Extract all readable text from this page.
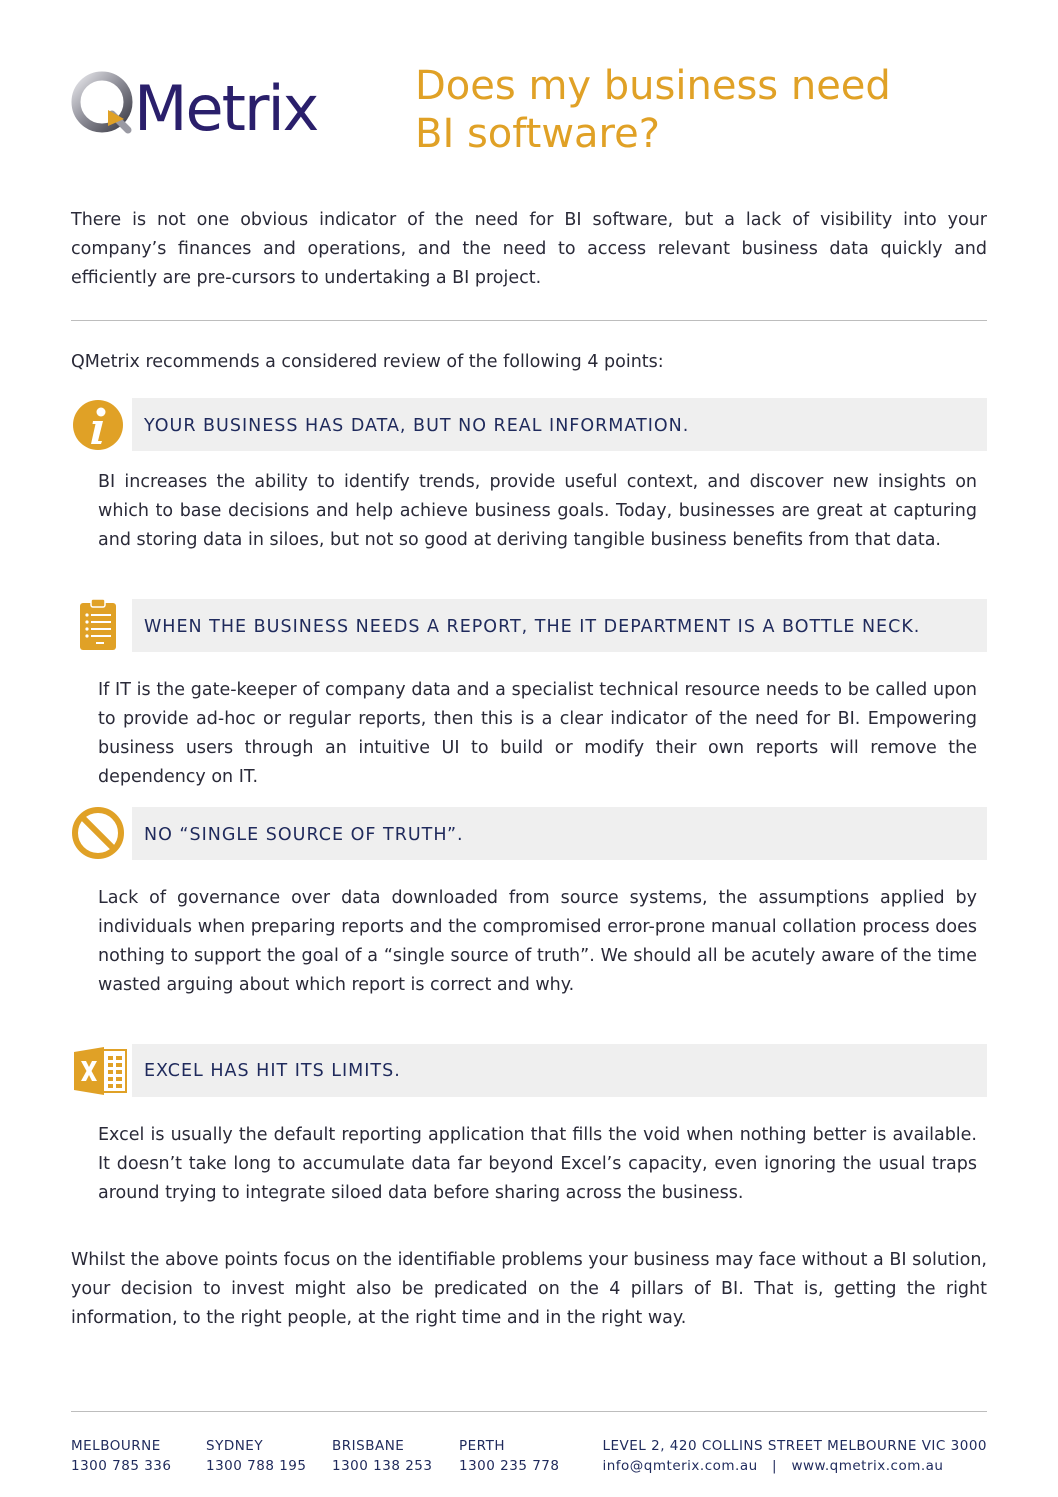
Metrix Does my business need
BI software?

There is not one obvious indicator of the need for BI software, but a lack of visibility into your company’s finances and operations, and the need to access relevant business data quickly and efficiently are pre-cursors to undertaking a BI project.

QMetrix recommends a considered review of the following 4 points:
YOUR BUSINESS HAS DATA, BUT NO REAL INFORMATION.

BI increases the ability to identify trends, provide useful context, and discover new insights on which to base decisions and help achieve business goals. Today, businesses are great at capturing and storing data in siloes, but not so good at deriving tangible business benefits from that data.

WHEN THE BUSINESS NEEDS A REPORT, THE IT DEPARTMENT IS A BOTTLE NECK.

If IT is the gate-keeper of company data and a specialist technical resource needs to be called upon to provide ad-hoc or regular reports, then this is a clear indicator of the need for BI. Empowering business users through an intuitive UI to build or modify their own reports will remove the dependency on IT.

NO “SINGLE SOURCE OF TRUTH”.

Lack of governance over data downloaded from source systems, the assumptions applied by individuals when preparing reports and the compromised error-prone manual collation process does nothing to support the goal of a “single source of truth”. We should all be acutely aware of the time wasted arguing about which report is correct and why.

EXCEL HAS HIT ITS LIMITS.

Excel is usually the default reporting application that fills the void when nothing better is available. It doesn’t take long to accumulate data far beyond Excel’s capacity, even ignoring the usual traps around trying to integrate siloed data before sharing across the business.

Whilst the above points focus on the identifiable problems your business may face without a BI solution, your decision to invest might also be predicated on the 4 pillars of BI. That is, getting the right information, to the right people, at the right time and in the right way.

MELBOURNE
1300 785 336
SYDNEY
1300 788 195
BRISBANE
1300 138 253
PERTH
1300 235 778
LEVEL 2, 420 COLLINS STREET MELBOURNE VIC 3000
info@qmterix.com.au   |   www.qmetrix.com.au
